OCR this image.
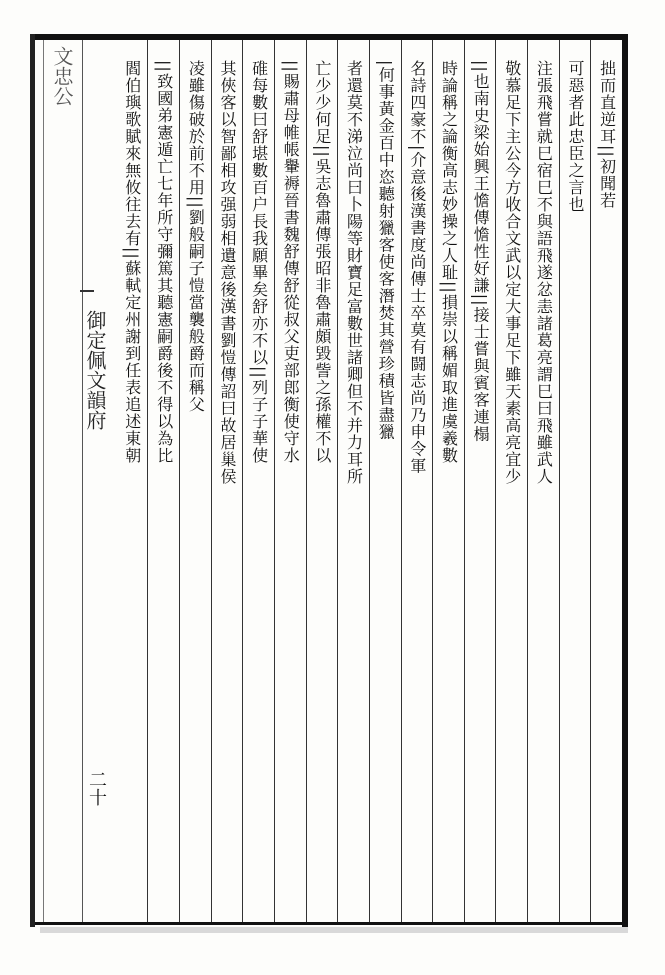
文忠公
御定佩文韻府
二十
拙而直逆耳||初聞若
可惡者此忠臣之言也
注張飛嘗就巳宿巳不與語飛遂忿恚諸葛亮謂巳曰飛雖武人
敬慕足下主公今方收合文武以定大事足下雖天素高亮宜少
||也南史梁始興王憺傳憺性好謙||接士嘗與賓客連榻
時論稱之論衡高志妙操之人耻||損崇以稱媚取進虞羲數
名詩四豪不|介意後漢書度尚傳士卒莫有闘志尚乃申令軍
|何事黃金百中恣聽射獵客使客潛焚其營珍積皆盡獵
者還莫不涕泣尚曰卜陽等財寶足富數世諸卿但不并力耳所
亡少少何足||吳志魯肅傳張昭非魯肅頗毀訾之孫權不以
||賜肅母帷帳轝褥晉書魏舒傳舒從叔父吏部郎衡使守水
碓每數曰舒堪數百户長我願畢矣舒亦不以||列子子華使
其俠客以智鄙相攻强弱相遺意後漢書劉愷傳詔曰故居巢侯
凌雖傷破於前不用||劉般嗣子愷當襲般爵而稱父
||致國弟憲遁亡七年所守彌篤其聽憲嗣爵後不得以為比
閻伯璵歌賦來無攸往去有||蘇軾定州謝到任表追述東朝
